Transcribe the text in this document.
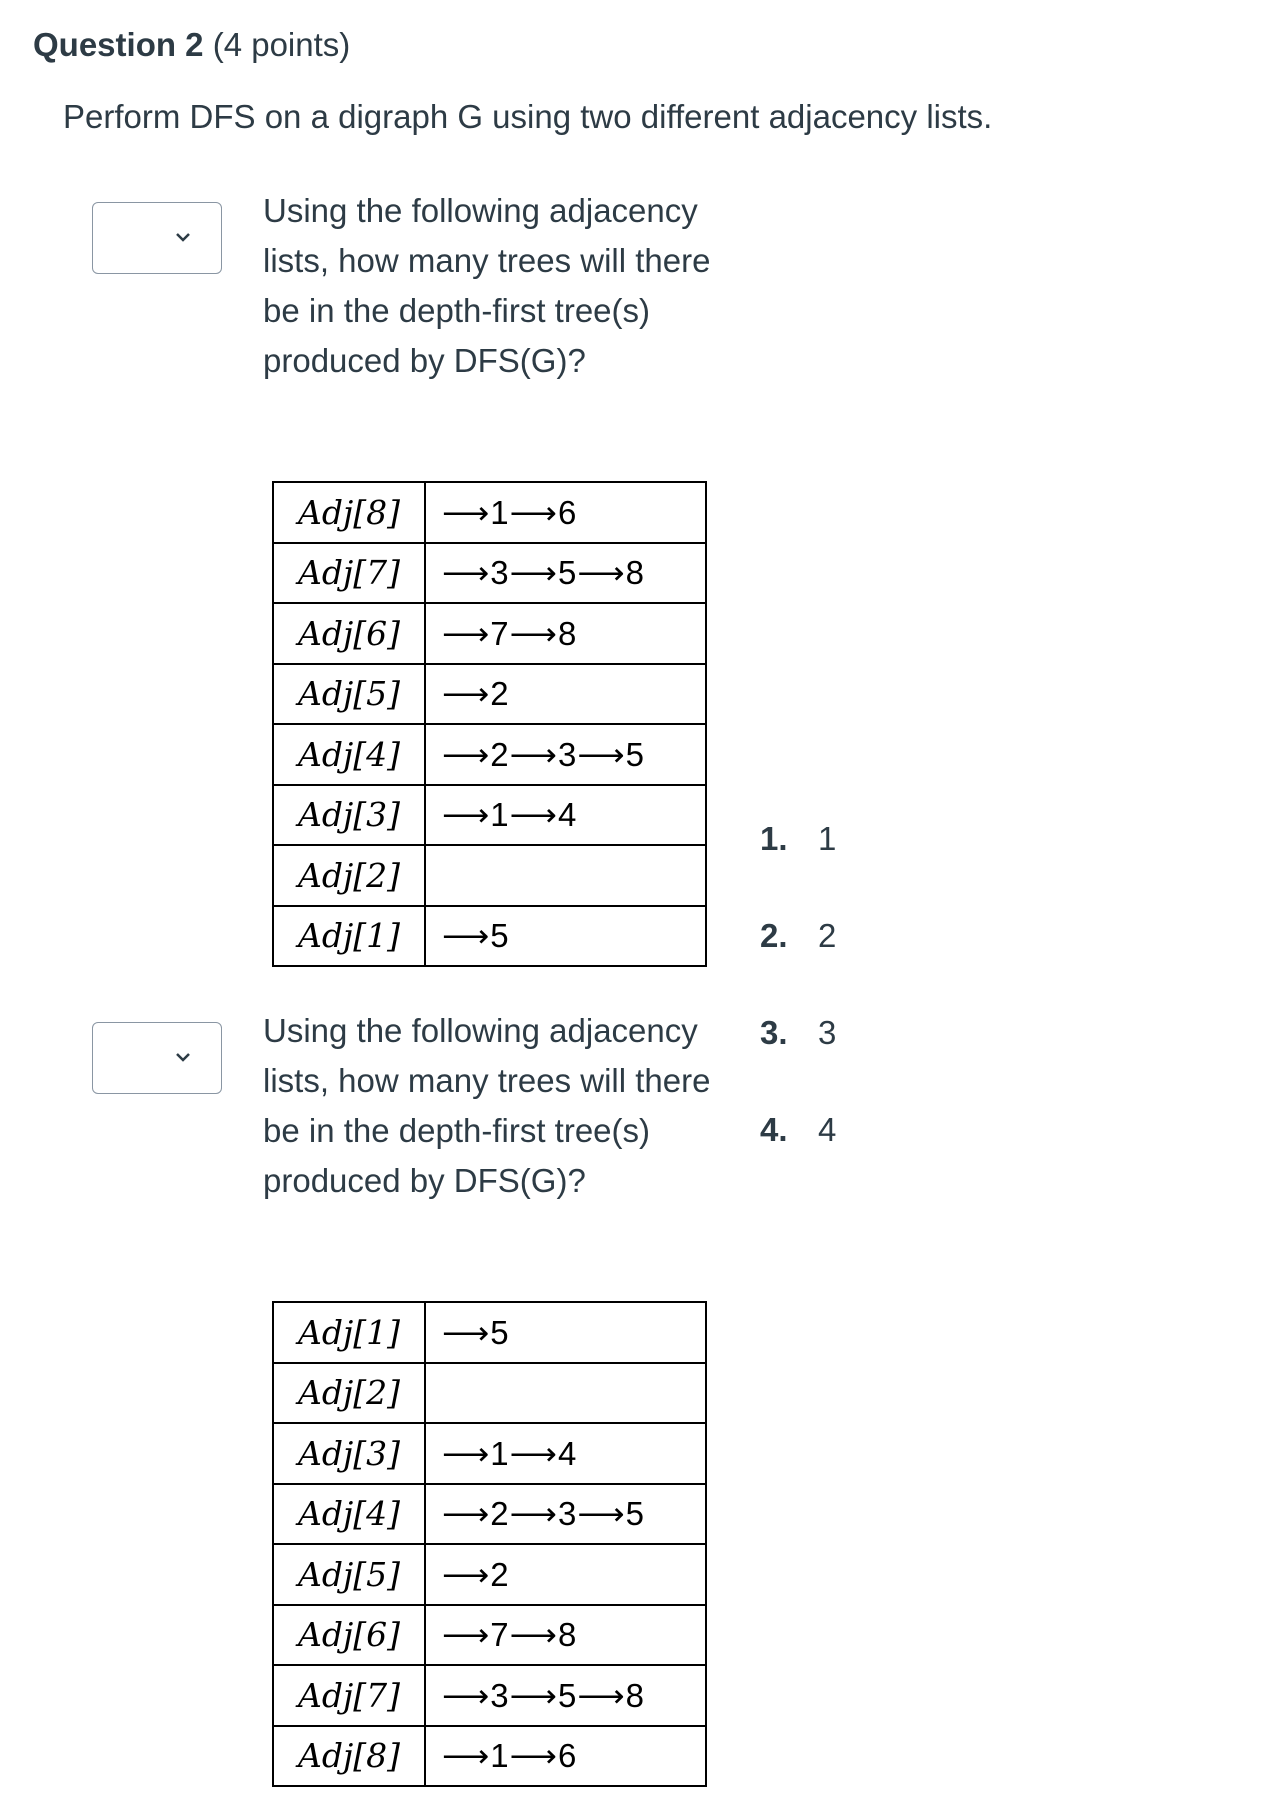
Question 2 (4 points)
Perform DFS on a digraph G using two different adjacency lists.
Using the following adjacency lists, how many trees will there be in the depth-first tree(s) produced by DFS(G)?
Adj[8]	⟶1⟶6
Adj[7]	⟶3⟶5⟶8
Adj[6]	⟶7⟶8
Adj[5]	⟶2
Adj[4]	⟶2⟶3⟶5
Adj[3]	⟶1⟶4
Adj[2]	
Adj[1]	⟶5
Using the following adjacency lists, how many trees will there be in the depth-first tree(s) produced by DFS(G)?
Adj[1]	⟶5
Adj[2]	
Adj[3]	⟶1⟶4
Adj[4]	⟶2⟶3⟶5
Adj[5]	⟶2
Adj[6]	⟶7⟶8
Adj[7]	⟶3⟶5⟶8
Adj[8]	⟶1⟶6
1. 1
2. 2
3. 3
4. 4
